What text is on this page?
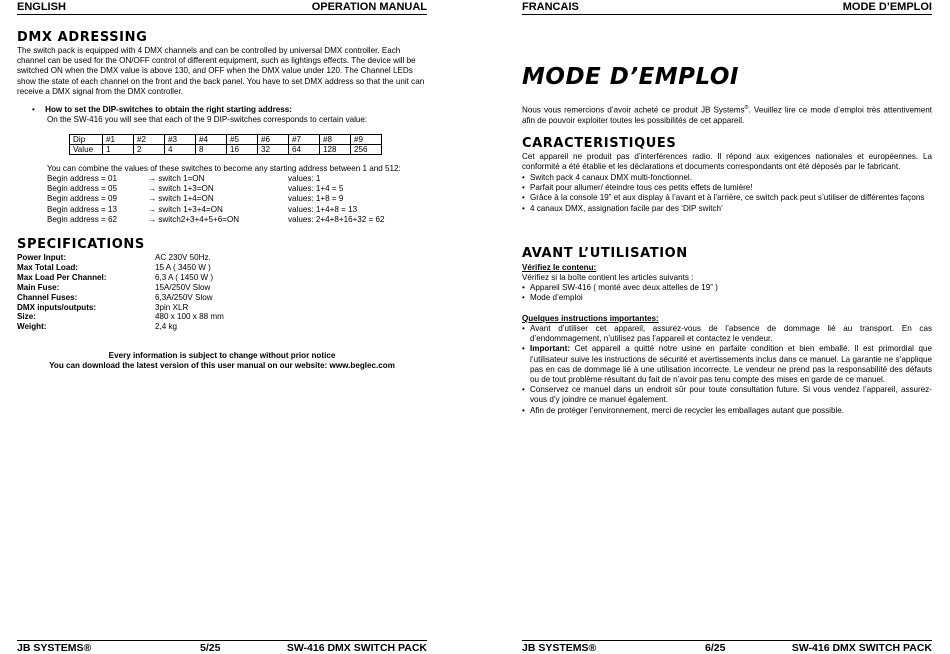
ENGLISH	OPERATION MANUAL
DMX ADRESSING
The switch pack is equipped with 4 DMX channels and can be controlled by universal DMX controller. Each channel can be used for the ON/OFF control of different equipment, such as lightings effects. The device will be switched ON when the DMX value is above 130, and OFF when the DMX value under 120. The Channel LEDs show the state of each channel on the front and the back panel. You have to set DMX address so that the unit can receive a DMX signal from the DMX controller.
• How to set the DIP-switches to obtain the right starting address:
On the SW-416 you will see that each of the 9 DIP-switches corresponds to certain value:
Dip	#1	#2	#3	#4	#5	#6	#7	#8	#9
Value	1	2	4	8	16	32	64	128	256
You can combine the values of these switches to become any starting address between 1 and 512:
Begin address = 01	→ switch 1=ON	values: 1
Begin address = 05	→ switch 1+3=ON	values: 1+4 = 5
Begin address = 09	→ switch 1+4=ON	values: 1+8 = 9
Begin address = 13	→ switch 1+3+4=ON	values: 1+4+8 = 13
Begin address = 62	→ switch2+3+4+5+6=ON	values: 2+4+8+16+32 = 62
SPECIFICATIONS
Power Input:	AC 230V 50Hz.
Max Total Load:	15 A ( 3450 W )
Max Load Per Channel:	6,3 A ( 1450 W )
Main Fuse:	15A/250V Slow
Channel Fuses:	6,3A/250V Slow
DMX inputs/outputs:	3pin XLR
Size:	480 x 100 x 88 mm
Weight:	2,4 kg
Every information is subject to change without prior notice
You can download the latest version of this user manual on our website: www.beglec.com
JB SYSTEMS®	5/25	SW-416 DMX SWITCH PACK
FRANCAIS	MODE D’EMPLOI
MODE D’EMPLOI
Nous vous remercions d’avoir acheté ce produit JB Systems®. Veuillez lire ce mode d’emploi très attentivement afin de pouvoir exploiter toutes les possibilités de cet appareil.
CARACTERISTIQUES
Cet appareil ne produit pas d’interférences radio. Il répond aux exigences nationales et européennes. La conformité a été établie et les déclarations et documents correspondants ont été déposés par le fabricant.
• Switch pack 4 canaux DMX multi-fonctionnel.
• Parfait pour allumer/ éteindre tous ces petits effets de lumière!
• Grâce à la console 19” et aux display à l’avant et à l’arrière, ce switch pack peut s’utiliser de différentes façons
• 4 canaux DMX, assignation facile par des ‘DIP switch’
AVANT L’UTILISATION
Vérifiez le contenu:
Vérifiez si la boîte contient les articles suivants :
• Appareil SW-416 ( monté avec deux attelles de 19” )
• Mode d’emploi
Quelques instructions importantes:
• Avant d’utiliser cet appareil, assurez-vous de l’absence de dommage lié au transport. En cas d’endommagement, n’utilisez pas l’appareil et contactez le vendeur.
• Important: Cet appareil a quitté notre usine en parfaite condition et bien emballé. Il est primordial que l’utilisateur suive les instructions de sécurité et avertissements inclus dans ce manuel. La garantie ne s’applique pas en cas de dommage lié à une utilisation incorrecte. Le vendeur ne prend pas la responsabilité des défauts ou de tout problème résultant du fait de n’avoir pas tenu compte des mises en garde de ce manuel.
• Conservez ce manuel dans un endroit sûr pour toute consultation future. Si vous vendez l’appareil, assurez-vous d’y joindre ce manuel également.
• Afin de protéger l’environnement, merci de recycler les emballages autant que possible.
JB SYSTEMS®	6/25	SW-416 DMX SWITCH PACK
